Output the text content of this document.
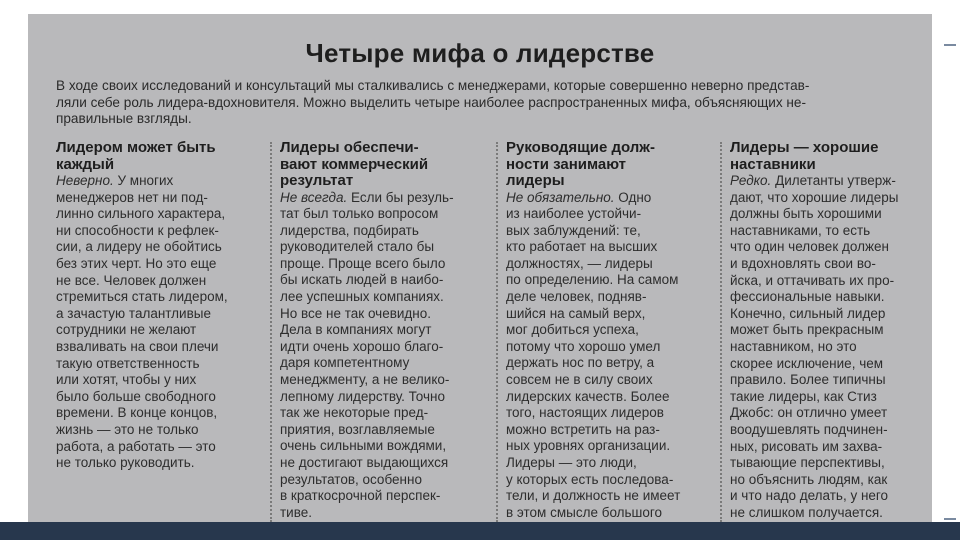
Четыре мифа о лидерстве
В ходе своих исследований и консультаций мы сталкивались с менеджерами, которые совершенно неверно представ-
ляли себе роль лидера-вдохновителя. Можно выделить четыре наиболее распространенных мифа, объясняющих не-
правильные взгляды.
Лидером может быть
каждый
Неверно. У многих
менеджеров нет ни под-
линно сильного характера,
ни способности к рефлек-
сии, а лидеру не обойтись
без этих черт. Но это еще
не все. Человек должен
стремиться стать лидером,
а зачастую талантливые
сотрудники не желают
взваливать на свои плечи
такую ответственность
или хотят, чтобы у них
было больше свободного
времени. В конце концов,
жизнь — это не только
работа, а работать — это
не только руководить.
Лидеры обеспечи-
вают коммерческий
результат
Не всегда. Если бы резуль-
тат был только вопросом
лидерства, подбирать
руководителей стало бы
проще. Проще всего было
бы искать людей в наибо-
лее успешных компаниях.
Но все не так очевидно.
Дела в компаниях могут
идти очень хорошо благо-
даря компетентному
менеджменту, а не велико-
лепному лидерству. Точно
так же некоторые пред-
приятия, возглавляемые
очень сильными вождями,
не достигают выдающихся
результатов, особенно
в краткосрочной перспек-
тиве.
Руководящие долж-
ности занимают
лидеры
Не обязательно. Одно
из наиболее устойчи-
вых заблуждений: те,
кто работает на высших
должностях, — лидеры
по определению. На самом
деле человек, подняв-
шийся на самый верх,
мог добиться успеха,
потому что хорошо умел
держать нос по ветру, а
совсем не в силу своих
лидерских качеств. Более
того, настоящих лидеров
можно встретить на раз-
ных уровнях организации.
Лидеры — это люди,
у которых есть последова-
тели, и должность не имеет
в этом смысле большого
Лидеры — хорошие
наставники
Редко. Дилетанты утверж-
дают, что хорошие лидеры
должны быть хорошими
наставниками, то есть
что один человек должен
и вдохновлять свои во-
йска, и оттачивать их про-
фессиональные навыки.
Конечно, сильный лидер
может быть прекрасным
наставником, но это
скорее исключение, чем
правило. Более типичны
такие лидеры, как Стиз
Джобс: он отлично умеет
воодушевлять подчинен-
ных, рисовать им захва-
тывающие перспективы,
но объяснить людям, как
и что надо делать, у него
не слишком получается.
